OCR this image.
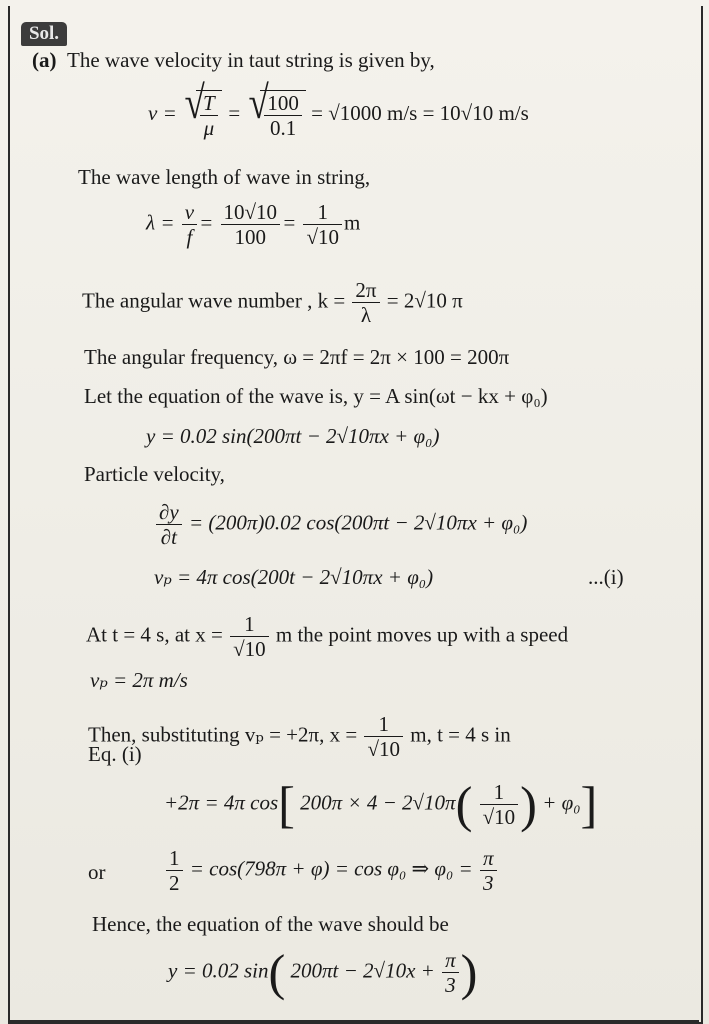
Sol.
(a) The wave velocity in taut string is given by,
v = √ $\frac{T}{\mu}$ = √ $\frac{100}{0.1} = √1000$ m/s = 10√10 m/s
The wave length of wave in string,
$\lambda = \frac{v}{f} = \frac{10√10}{100} = \frac{1}{√10}$ m
The angular wave number , $k = \frac{2\pi}{\lambda} = 2√10$ π
The angular frequency, ω = 2πf = 2π × 100 = 200π
Let the equation of the wave is, y = A sin(ωt − kx + φ₀)
y = 0.02 sin(200πt − 2√10πx + φ₀)
Particle velocity,
$\frac{\partial y}{\partial t} = (200\pi)0.02$ cos(200πt − 2√10πx + φ₀)
vₚ = 4π cos(200t − 2√10πx + φ₀)	...(i)
At t = 4 s, at $x = \frac{1}{√10}$ m the point moves up with a speed
vₚ = 2π m/s
Then, substituting vₚ = +2π, $x = \frac{1}{√10} m$, t = 4 s in
Eq. (i)
+2π = 4π cos[ $200\pi \times 4 - 2√10\pi( \frac{1}{√10}$ ) + φ₀]
or	$\frac{1}{2} = \cos(798\pi + \varphi) = \cos \varphi_0$ ⇒ $\varphi_0 = \frac{\pi}{3}$
Hence, the equation of the wave should be
y = 0.02 sin( $200\pi t - 2√10x + \frac{\pi}{3}$ )
